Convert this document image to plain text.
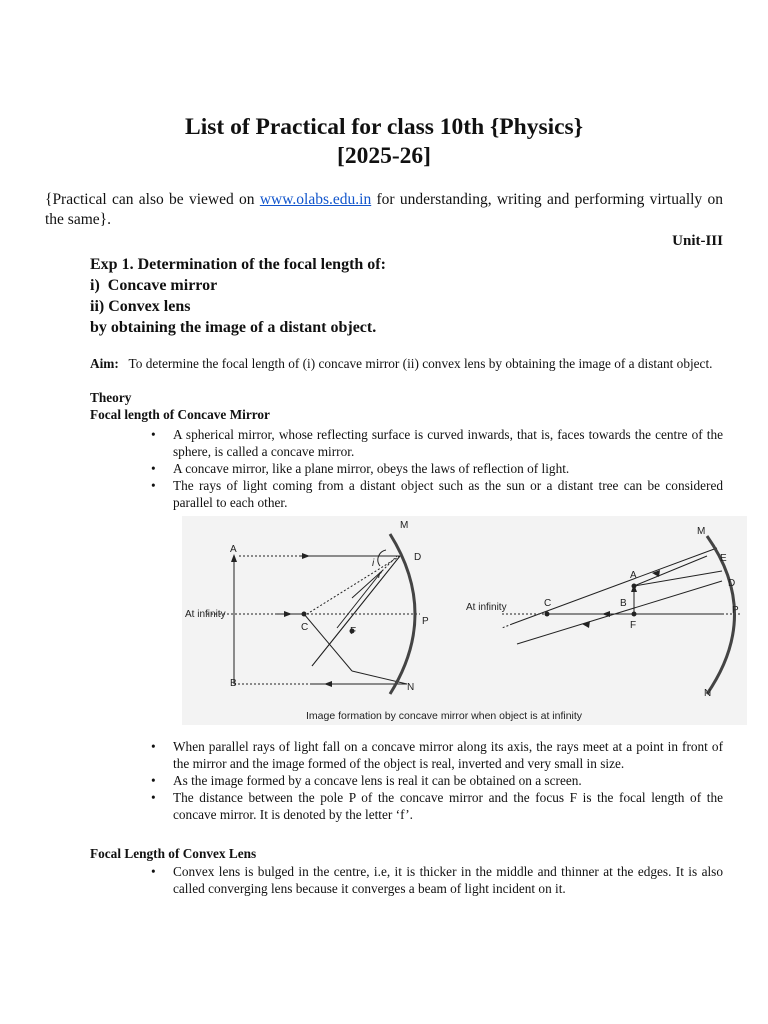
List of Practical for class 10th {Physics}
[2025-26]
{Practical can also be viewed on www.olabs.edu.in for understanding, writing and performing virtually on the same}.
Unit-III
Exp 1. Determination of the focal length of:
i)  Concave mirror
ii) Convex lens
by obtaining the image of a distant object.
Aim: To determine the focal length of (i) concave mirror (ii) convex lens by obtaining the image of a distant object.
Theory
Focal length of Concave Mirror
• A spherical mirror, whose reflecting surface is curved inwards, that is, faces towards the centre of the sphere, is called a concave mirror.
• A concave mirror, like a plane mirror, obeys the laws of reflection of light.
• The rays of light coming from a distant object such as the sun or a distant tree can be considered parallel to each other.
A
B
M
D
N
C	F
P
i
r
At infinity
M
E
A
D
B
C
F
P
N
At infinity
Image formation by concave mirror when object is at infinity
• When parallel rays of light fall on a concave mirror along its axis, the rays meet at a point in front of the mirror and the image formed of the object is real, inverted and very small in size.
• As the image formed by a concave lens is real it can be obtained on a screen.
• The distance between the pole P of the concave mirror and the focus F is the focal length of the concave mirror. It is denoted by the letter ‘f’.
Focal Length of Convex Lens
• Convex lens is bulged in the centre, i.e, it is thicker in the middle and thinner at the edges. It is also called converging lens because it converges a beam of light incident on it.
